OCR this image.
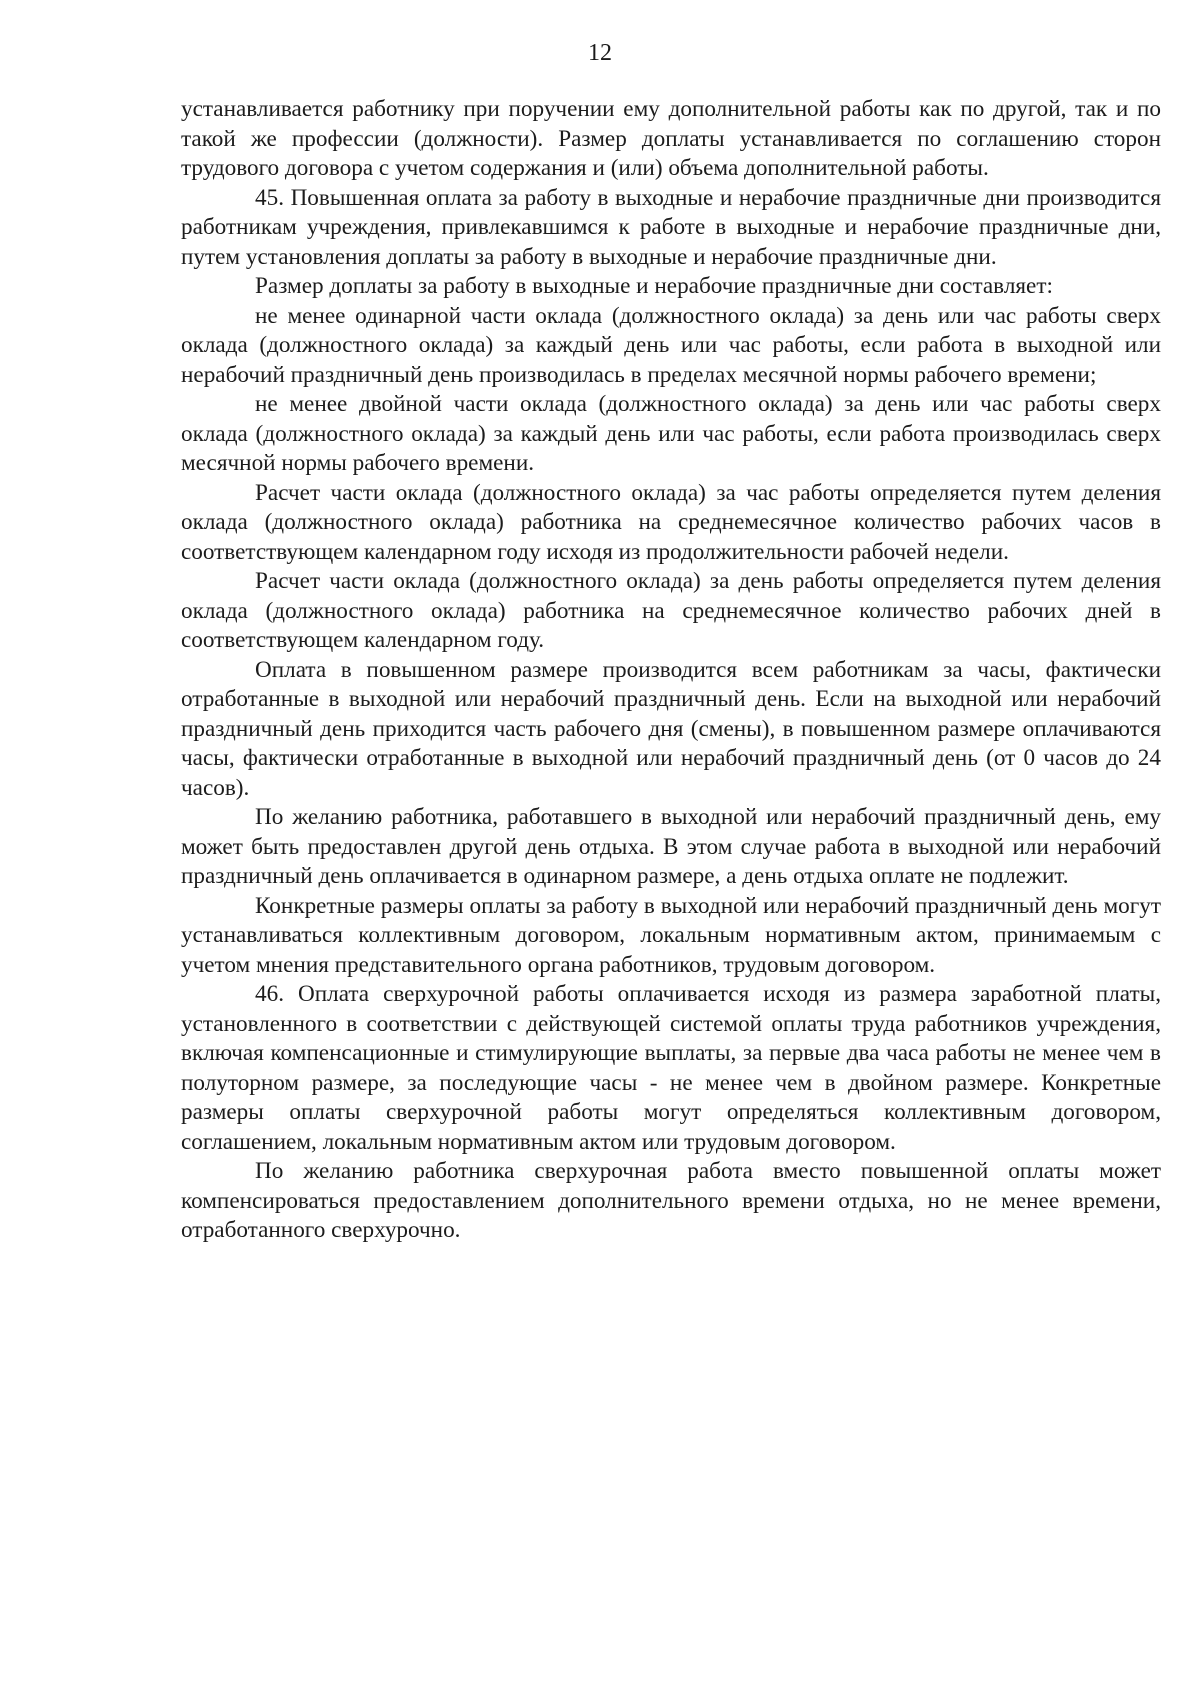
12

устанавливается работнику при поручении ему дополнительной работы как по другой, так и по такой же профессии (должности). Размер доплаты устанавливается по соглашению сторон трудового договора с учетом содержания и (или) объема дополнительной работы.

45. Повышенная оплата за работу в выходные и нерабочие праздничные дни производится работникам учреждения, привлекавшимся к работе в выходные и нерабочие праздничные дни, путем установления доплаты за работу в выходные и нерабочие праздничные дни.

Размер доплаты за работу в выходные и нерабочие праздничные дни составляет:

не менее одинарной части оклада (должностного оклада) за день или час работы сверх оклада (должностного оклада) за каждый день или час работы, если работа в выходной или нерабочий праздничный день производилась в пределах месячной нормы рабочего времени;

не менее двойной части оклада (должностного оклада) за день или час работы сверх оклада (должностного оклада) за каждый день или час работы, если работа производилась сверх месячной нормы рабочего времени.

Расчет части оклада (должностного оклада) за час работы определяется путем деления оклада (должностного оклада) работника на среднемесячное количество рабочих часов в соответствующем календарном году исходя из продолжительности рабочей недели.

Расчет части оклада (должностного оклада) за день работы определяется путем деления оклада (должностного оклада) работника на среднемесячное количество рабочих дней в соответствующем календарном году.

Оплата в повышенном размере производится всем работникам за часы, фактически отработанные в выходной или нерабочий праздничный день. Если на выходной или нерабочий праздничный день приходится часть рабочего дня (смены), в повышенном размере оплачиваются часы, фактически отработанные в выходной или нерабочий праздничный день (от 0 часов до 24 часов).

По желанию работника, работавшего в выходной или нерабочий праздничный день, ему может быть предоставлен другой день отдыха. В этом случае работа в выходной или нерабочий праздничный день оплачивается в одинарном размере, а день отдыха оплате не подлежит.

Конкретные размеры оплаты за работу в выходной или нерабочий праздничный день могут устанавливаться коллективным договором, локальным нормативным актом, принимаемым с учетом мнения представительного органа работников, трудовым договором.

46. Оплата сверхурочной работы оплачивается исходя из размера заработной платы, установленного в соответствии с действующей системой оплаты труда работников учреждения, включая компенсационные и стимулирующие выплаты, за первые два часа работы не менее чем в полуторном размере, за последующие часы - не менее чем в двойном размере. Конкретные размеры оплаты сверхурочной работы могут определяться коллективным договором, соглашением, локальным нормативным актом или трудовым договором.

По желанию работника сверхурочная работа вместо повышенной оплаты может компенсироваться предоставлением дополнительного времени отдыха, но не менее времени, отработанного сверхурочно.
